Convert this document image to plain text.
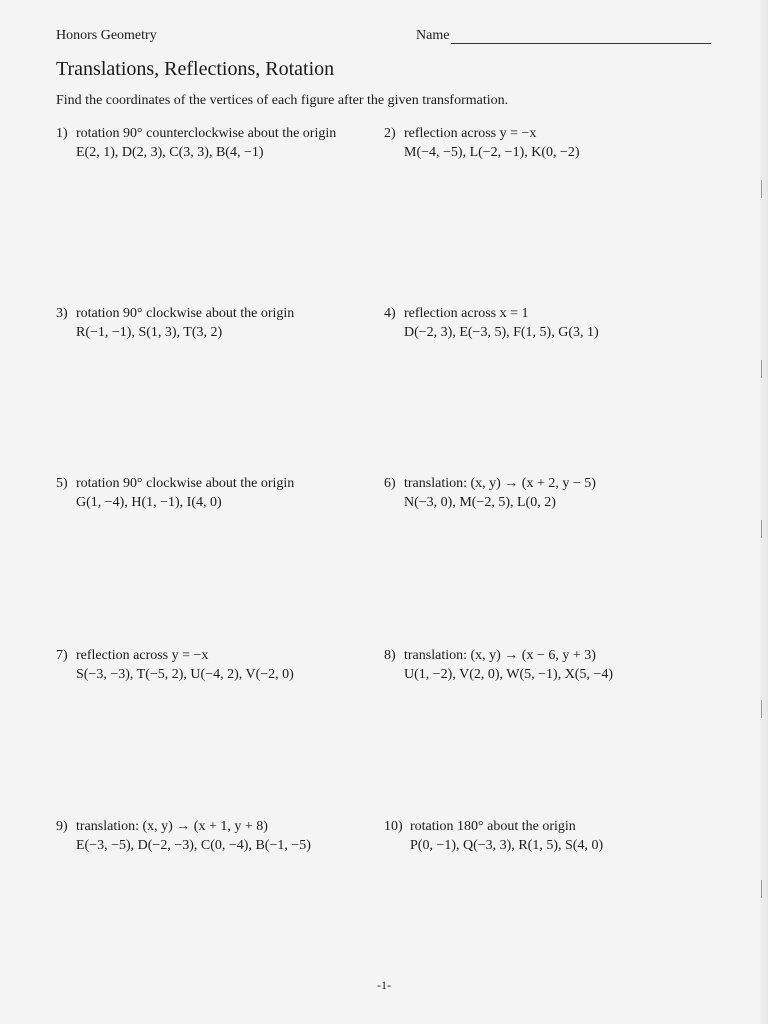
Honors Geometry	Name
Translations, Reflections, Rotation
Find the coordinates of the vertices of each figure after the given transformation.
1) rotation 90° counterclockwise about the origin
E(2, 1), D(2, 3), C(3, 3), B(4, −1)
2) reflection across y = −x
M(−4, −5), L(−2, −1), K(0, −2)
3) rotation 90° clockwise about the origin
R(−1, −1), S(1, 3), T(3, 2)
4) reflection across x = 1
D(−2, 3), E(−3, 5), F(1, 5), G(3, 1)
5) rotation 90° clockwise about the origin
G(1, −4), H(1, −1), I(4, 0)
6) translation: (x, y) → (x + 2, y − 5)
N(−3, 0), M(−2, 5), L(0, 2)
7) reflection across y = −x
S(−3, −3), T(−5, 2), U(−4, 2), V(−2, 0)
8) translation: (x, y) → (x − 6, y + 3)
U(1, −2), V(2, 0), W(5, −1), X(5, −4)
9) translation: (x, y) → (x + 1, y + 8)
E(−3, −5), D(−2, −3), C(0, −4), B(−1, −5)
10) rotation 180° about the origin
P(0, −1), Q(−3, 3), R(1, 5), S(4, 0)
-1-
